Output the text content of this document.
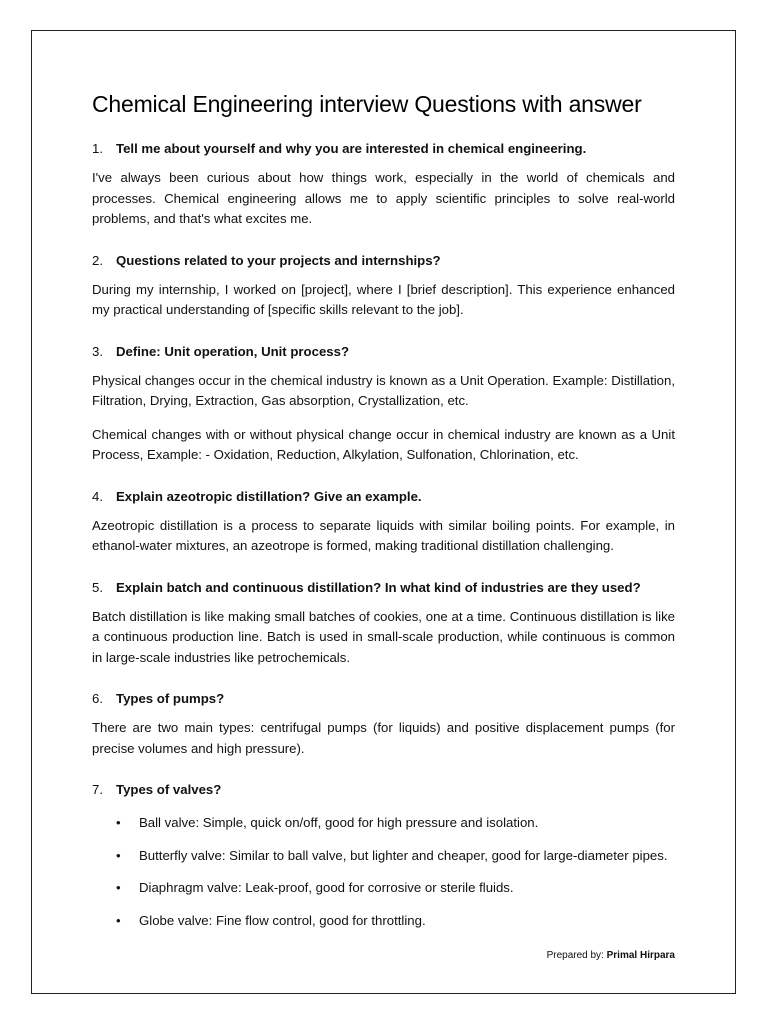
Chemical Engineering interview Questions with answer
1. Tell me about yourself and why you are interested in chemical engineering.

I've always been curious about how things work, especially in the world of chemicals and processes. Chemical engineering allows me to apply scientific principles to solve real-world problems, and that's what excites me.

2. Questions related to your projects and internships?

During my internship, I worked on [project], where I [brief description]. This experience enhanced my practical understanding of [specific skills relevant to the job].

3. Define: Unit operation, Unit process?

Physical changes occur in the chemical industry is known as a Unit Operation. Example: Distillation, Filtration, Drying, Extraction, Gas absorption, Crystallization, etc.

Chemical changes with or without physical change occur in chemical industry are known as a Unit Process, Example: - Oxidation, Reduction, Alkylation, Sulfonation, Chlorination, etc.

4. Explain azeotropic distillation? Give an example.

Azeotropic distillation is a process to separate liquids with similar boiling points. For example, in ethanol-water mixtures, an azeotrope is formed, making traditional distillation challenging.

5. Explain batch and continuous distillation? In what kind of industries are they used?

Batch distillation is like making small batches of cookies, one at a time. Continuous distillation is like a continuous production line. Batch is used in small-scale production, while continuous is common in large-scale industries like petrochemicals.

6. Types of pumps?

There are two main types: centrifugal pumps (for liquids) and positive displacement pumps (for precise volumes and high pressure).

7. Types of valves?
•	Ball valve: Simple, quick on/off, good for high pressure and isolation.
•	Butterfly valve: Similar to ball valve, but lighter and cheaper, good for large-diameter pipes.
•	Diaphragm valve: Leak-proof, good for corrosive or sterile fluids.
•	Globe valve: Fine flow control, good for throttling.
Prepared by: Primal Hirpara
